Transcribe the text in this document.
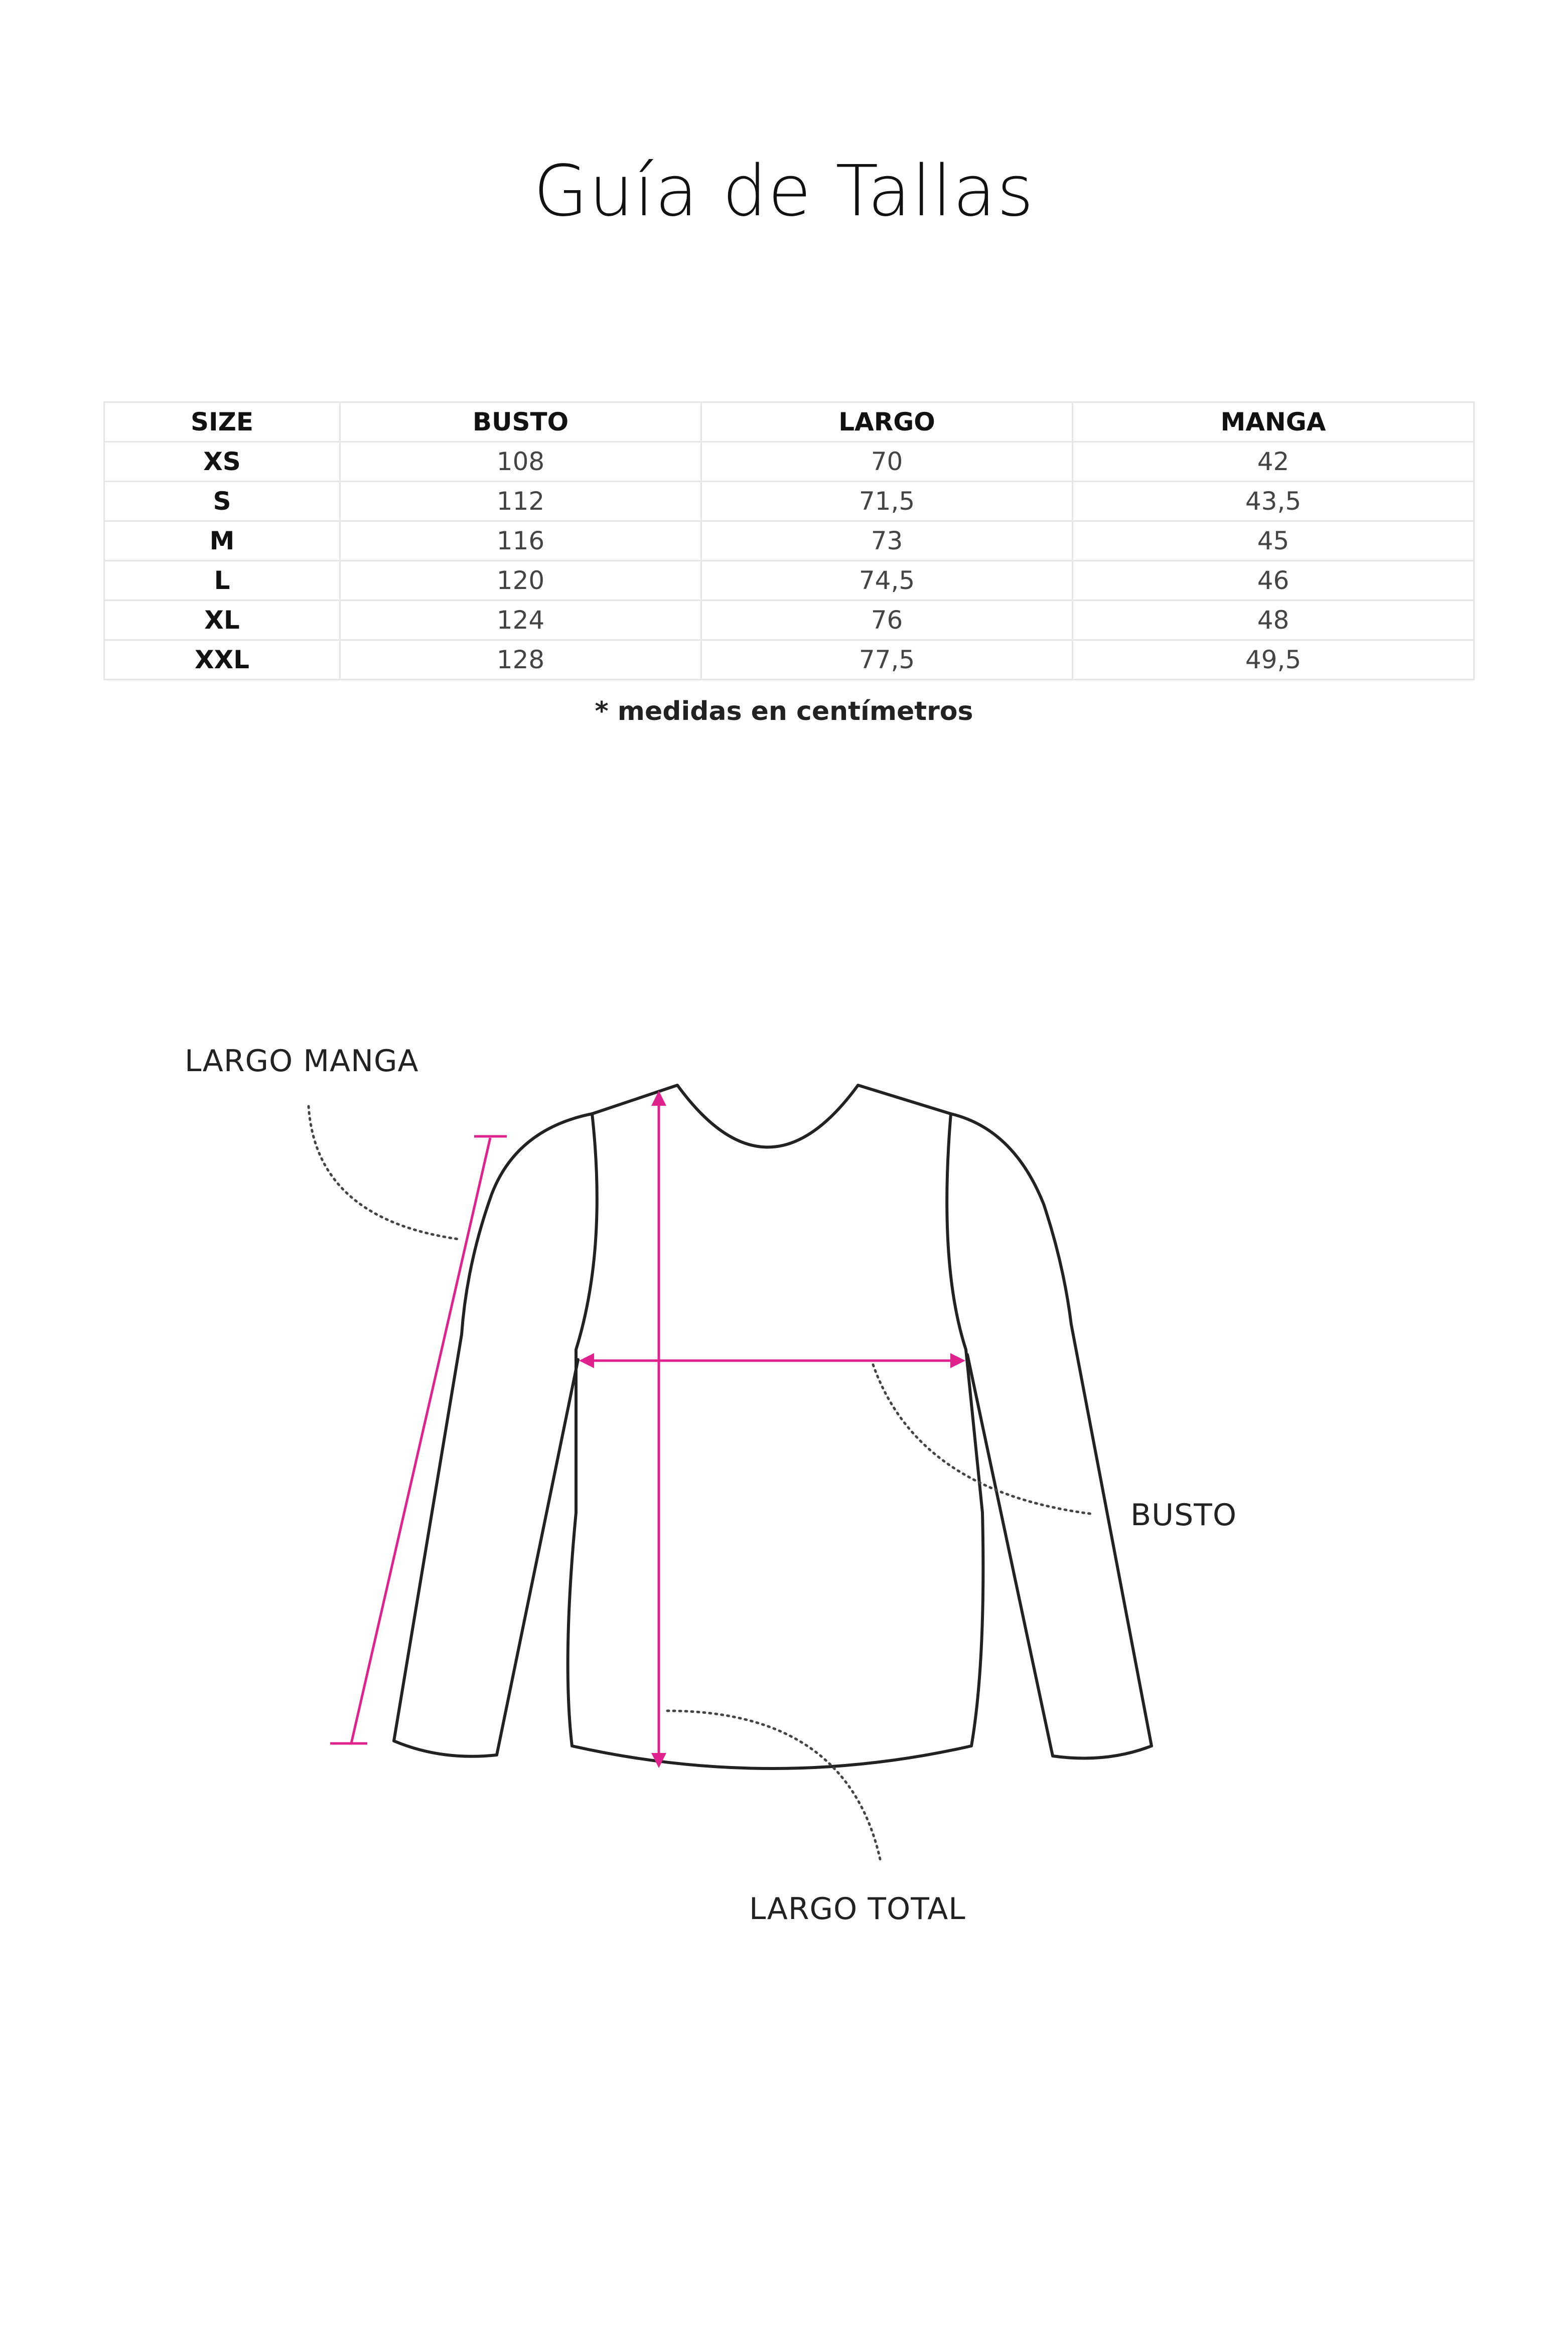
Guía de Tallas
SIZE	BUSTO	LARGO	MANGA
XS	108	70	42
S	112	71,5	43,5
M	116	73	45
L	120	74,5	46
XL	124	76	48
XXL	128	77,5	49,5
* medidas en centímetros
LARGO MANGA
BUSTO
LARGO TOTAL
